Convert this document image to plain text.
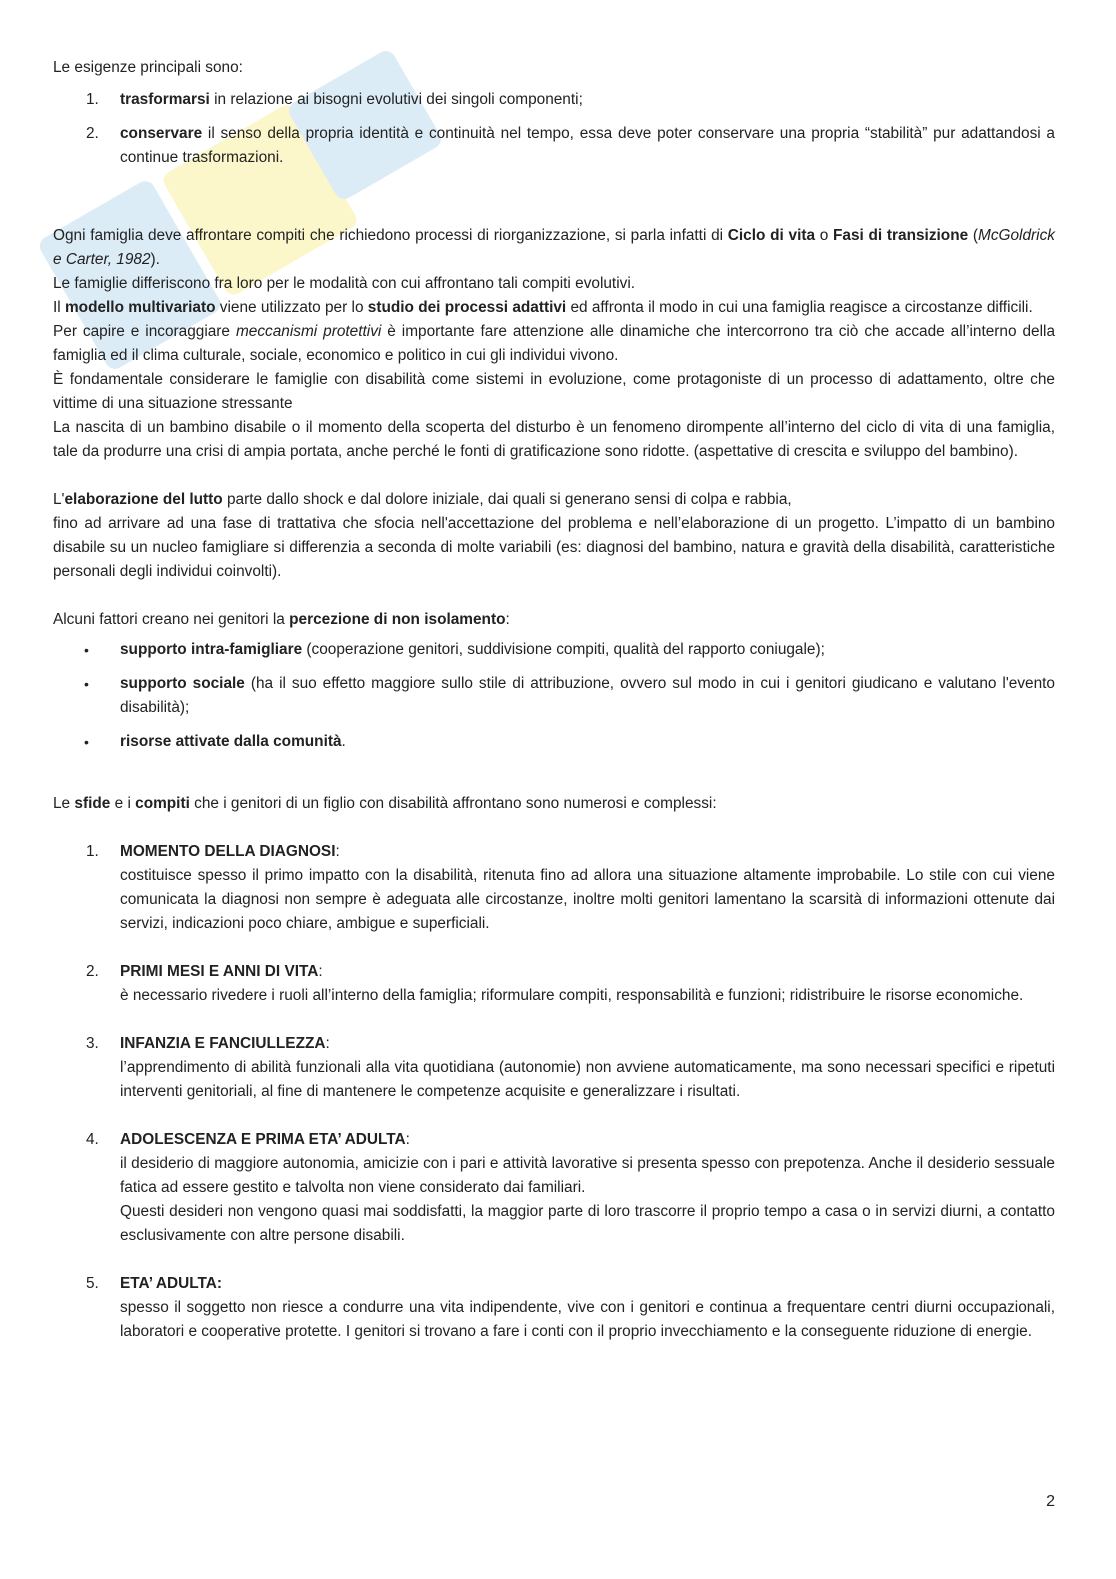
Le esigenze principali sono:

1. trasformarsi in relazione ai bisogni evolutivi dei singoli componenti;
2. conservare il senso della propria identità e continuità nel tempo, essa deve poter conservare una propria “stabilità” pur adattandosi a continue trasformazioni.

Ogni famiglia deve affrontare compiti che richiedono processi di riorganizzazione, si parla infatti di Ciclo di vita o Fasi di transizione (McGoldrick e Carter, 1982).

Le famiglie differiscono fra loro per le modalità con cui affrontano tali compiti evolutivi.

Il modello multivariato viene utilizzato per lo studio dei processi adattivi ed affronta il modo in cui una famiglia reagisce a circostanze difficili.

Per capire e incoraggiare meccanismi protettivi è importante fare attenzione alle dinamiche che intercorrono tra ciò che accade all’interno della famiglia ed il clima culturale, sociale, economico e politico in cui gli individui vivono.

È fondamentale considerare le famiglie con disabilità come sistemi in evoluzione, come protagoniste di un processo di adattamento, oltre che vittime di una situazione stressante

La nascita di un bambino disabile o il momento della scoperta del disturbo è un fenomeno dirompente all’interno del ciclo di vita di una famiglia, tale da produrre una crisi di ampia portata, anche perché le fonti di gratificazione sono ridotte. (aspettative di crescita e sviluppo del bambino).

L'elaborazione del lutto parte dallo shock e dal dolore iniziale, dai quali si generano sensi di colpa e rabbia,

fino ad arrivare ad una fase di trattativa che sfocia nell'accettazione del problema e nell’elaborazione di un progetto. L’impatto di un bambino disabile su un nucleo famigliare si differenzia a seconda di molte variabili (es: diagnosi del bambino, natura e gravità della disabilità, caratteristiche personali degli individui coinvolti).

Alcuni fattori creano nei genitori la percezione di non isolamento:

• supporto intra-famigliare (cooperazione genitori, suddivisione compiti, qualità del rapporto coniugale);
• supporto sociale (ha il suo effetto maggiore sullo stile di attribuzione, ovvero sul modo in cui i genitori giudicano e valutano l'evento disabilità);
• risorse attivate dalla comunità.

Le sfide e i compiti che i genitori di un figlio con disabilità affrontano sono numerosi e complessi:

1. MOMENTO DELLA DIAGNOSI:
costituisce spesso il primo impatto con la disabilità, ritenuta fino ad allora una situazione altamente improbabile. Lo stile con cui viene comunicata la diagnosi non sempre è adeguata alle circostanze, inoltre molti genitori lamentano la scarsità di informazioni ottenute dai servizi, indicazioni poco chiare, ambigue e superficiali.
2. PRIMI MESI E ANNI DI VITA:
è necessario rivedere i ruoli all’interno della famiglia; riformulare compiti, responsabilità e funzioni; ridistribuire le risorse economiche.
3. INFANZIA E FANCIULLEZZA:
l’apprendimento di abilità funzionali alla vita quotidiana (autonomie) non avviene automaticamente, ma sono necessari specifici e ripetuti interventi genitoriali, al fine di mantenere le competenze acquisite e generalizzare i risultati.
4. ADOLESCENZA E PRIMA ETA’ ADULTA:
il desiderio di maggiore autonomia, amicizie con i pari e attività lavorative si presenta spesso con prepotenza. Anche il desiderio sessuale fatica ad essere gestito e talvolta non viene considerato dai familiari.
Questi desideri non vengono quasi mai soddisfatti, la maggior parte di loro trascorre il proprio tempo a casa o in servizi diurni, a contatto esclusivamente con altre persone disabili.
5. ETA’ ADULTA:
spesso il soggetto non riesce a condurre una vita indipendente, vive con i genitori e continua a frequentare centri diurni occupazionali, laboratori e cooperative protette. I genitori si trovano a fare i conti con il proprio invecchiamento e la conseguente riduzione di energie.
2
